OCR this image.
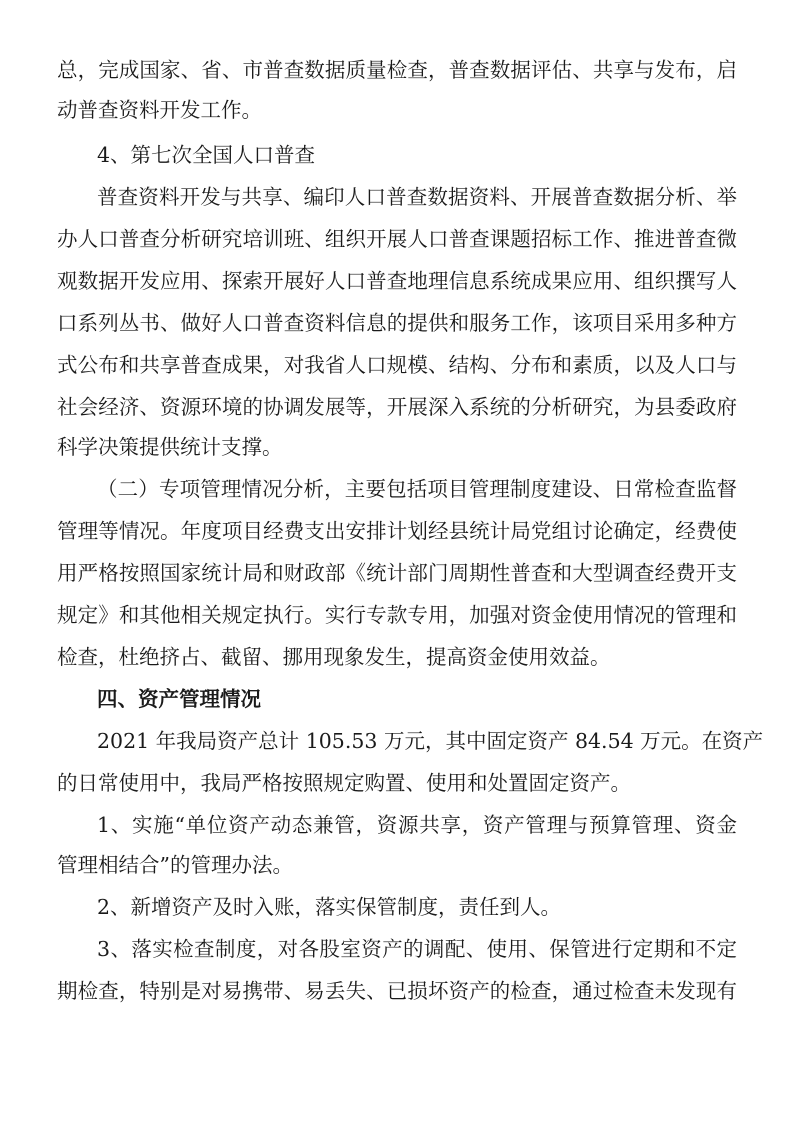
总，完成国家、省、市普查数据质量检查，普查数据评估、共享与发布，启
动普查资料开发工作。
4、第七次全国人口普查
普查资料开发与共享、编印人口普查数据资料、开展普查数据分析、举
办人口普查分析研究培训班、组织开展人口普查课题招标工作、推进普查微
观数据开发应用、探索开展好人口普查地理信息系统成果应用、组织撰写人
口系列丛书、做好人口普查资料信息的提供和服务工作，该项目采用多种方
式公布和共享普查成果，对我省人口规模、结构、分布和素质，以及人口与
社会经济、资源环境的协调发展等，开展深入系统的分析研究，为县委政府
科学决策提供统计支撑。
（二）专项管理情况分析，主要包括项目管理制度建设、日常检查监督
管理等情况。年度项目经费支出安排计划经县统计局党组讨论确定，经费使
用严格按照国家统计局和财政部《统计部门周期性普查和大型调查经费开支
规定》和其他相关规定执行。实行专款专用，加强对资金使用情况的管理和
检查，杜绝挤占、截留、挪用现象发生，提高资金使用效益。
四、资产管理情况
2021 年我局资产总计 105.53 万元，其中固定资产 84.54 万元。在资产
的日常使用中，我局严格按照规定购置、使用和处置固定资产。
1、实施“单位资产动态兼管，资源共享，资产管理与预算管理、资金
管理相结合”的管理办法。
2、新增资产及时入账，落实保管制度，责任到人。
3、落实检查制度，对各股室资产的调配、使用、保管进行定期和不定
期检查，特别是对易携带、易丢失、已损坏资产的检查，通过检查未发现有
